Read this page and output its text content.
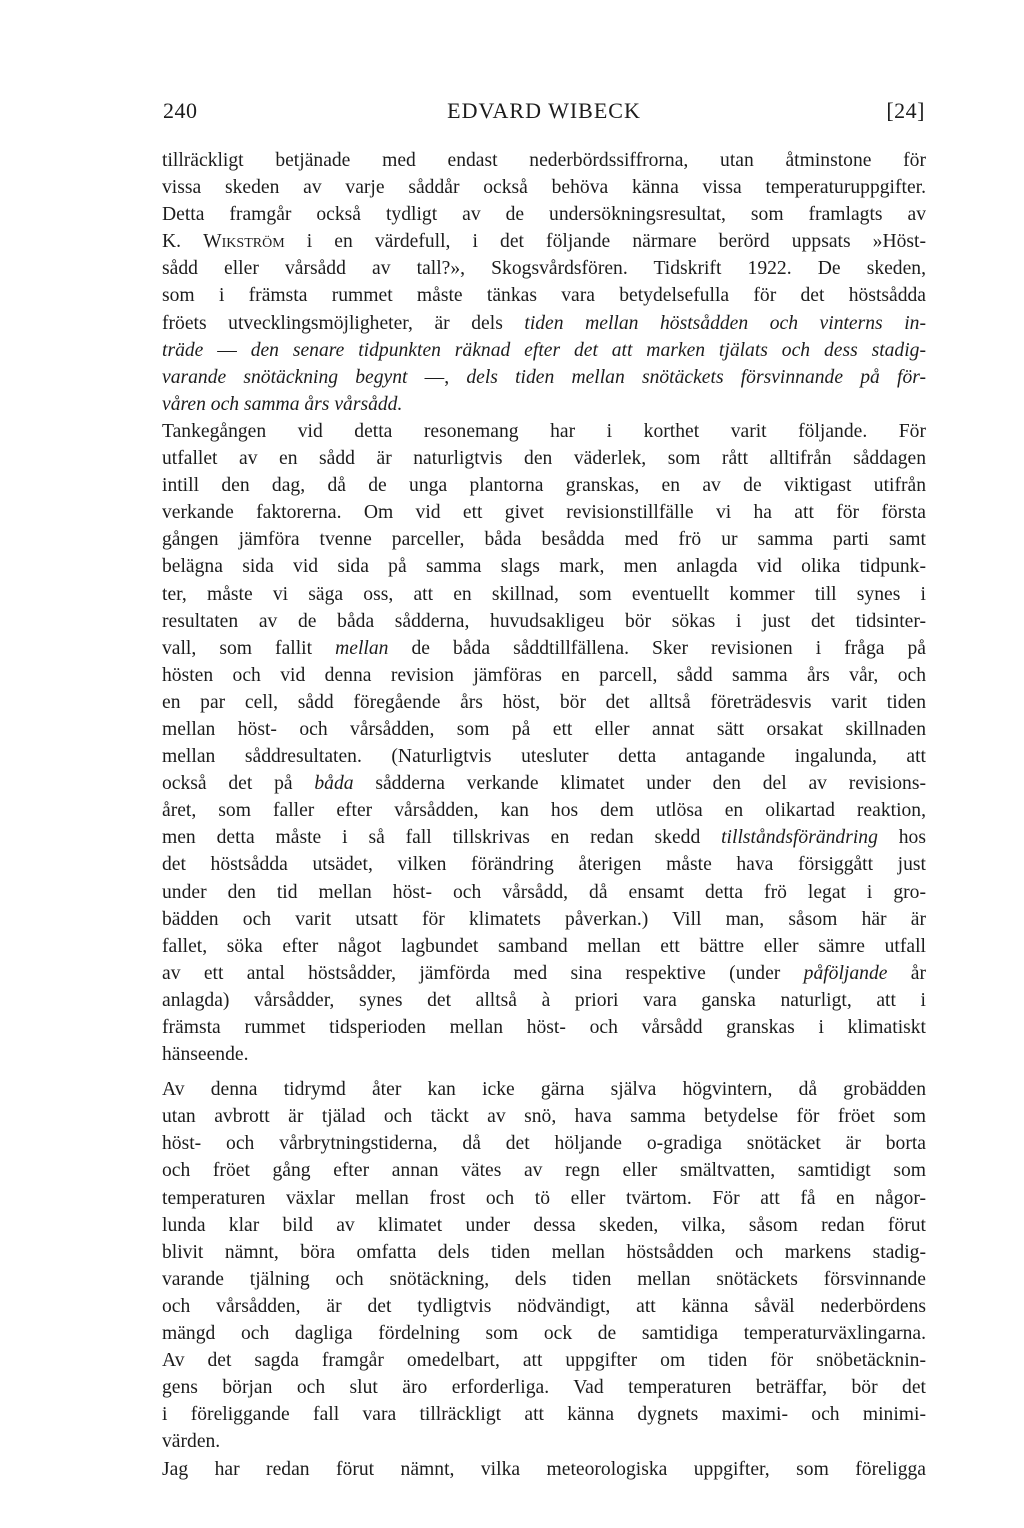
240	EDVARD WIBECK	[24]
tillräckligt betjänade med endast nederbördssiffrorna, utan åtminstone för
vissa skeden av varje såddår också behöva känna vissa temperaturuppgifter.
Detta framgår också tydligt av de undersökningsresultat, som framlagts av
K. Wikström i en värdefull, i det följande närmare berörd uppsats »Höst-
sådd eller vårsådd av tall?», Skogsvårdsfören. Tidskrift 1922. De skeden,
som i främsta rummet måste tänkas vara betydelsefulla för det höstsådda
fröets utvecklingsmöjligheter, är dels tiden mellan höstsådden och vinterns in-
träde — den senare tidpunkten räknad efter det att marken tjälats och dess stadig-
varande snötäckning begynt —, dels tiden mellan snötäckets försvinnande på för-
våren och samma års vårsådd.
Tankegången vid detta resonemang har i korthet varit följande. För
utfallet av en sådd är naturligtvis den väderlek, som rått alltifrån såddagen
intill den dag, då de unga plantorna granskas, en av de viktigast utifrån
verkande faktorerna. Om vid ett givet revisionstillfälle vi ha att för första
gången jämföra tvenne parceller, båda besådda med frö ur samma parti samt
belägna sida vid sida på samma slags mark, men anlagda vid olika tidpunk-
ter, måste vi säga oss, att en skillnad, som eventuellt kommer till synes i
resultaten av de båda sådderna, huvudsakligeu bör sökas i just det tidsinter-
vall, som fallit mellan de båda såddtillfällena. Sker revisionen i fråga på
hösten och vid denna revision jämföras en parcell, sådd samma års vår, och
en par cell, sådd föregående års höst, bör det alltså företrädesvis varit tiden
mellan höst- och vårsådden, som på ett eller annat sätt orsakat skillnaden
mellan såddresultaten. (Naturligtvis utesluter detta antagande ingalunda, att
också det på båda sådderna verkande klimatet under den del av revisions-
året, som faller efter vårsådden, kan hos dem utlösa en olikartad reaktion,
men detta måste i så fall tillskrivas en redan skedd tillståndsförändring hos
det höstsådda utsädet, vilken förändring återigen måste hava försiggått just
under den tid mellan höst- och vårsådd, då ensamt detta frö legat i gro-
bädden och varit utsatt för klimatets påverkan.) Vill man, såsom här är
fallet, söka efter något lagbundet samband mellan ett bättre eller sämre utfall
av ett antal höstsådder, jämförda med sina respektive (under påföljande år
anlagda) vårsådder, synes det alltså à priori vara ganska naturligt, att i
främsta rummet tidsperioden mellan höst- och vårsådd granskas i klimatiskt
hänseende.
Av denna tidrymd åter kan icke gärna själva högvintern, då grobädden
utan avbrott är tjälad och täckt av snö, hava samma betydelse för fröet som
höst- och vårbrytningstiderna, då det höljande o-gradiga snötäcket är borta
och fröet gång efter annan vätes av regn eller smältvatten, samtidigt som
temperaturen växlar mellan frost och tö eller tvärtom. För att få en någor-
lunda klar bild av klimatet under dessa skeden, vilka, såsom redan förut
blivit nämnt, böra omfatta dels tiden mellan höstsådden och markens stadig-
varande tjälning och snötäckning, dels tiden mellan snötäckets försvinnande
och vårsådden, är det tydligtvis nödvändigt, att känna såväl nederbördens
mängd och dagliga fördelning som ock de samtidiga temperaturväxlingarna.
Av det sagda framgår omedelbart, att uppgifter om tiden för snöbetäcknin-
gens början och slut äro erforderliga. Vad temperaturen beträffar, bör det
i föreliggande fall vara tillräckligt att känna dygnets maximi- och minimi-
värden.
Jag har redan förut nämnt, vilka meteorologiska uppgifter, som föreligga
